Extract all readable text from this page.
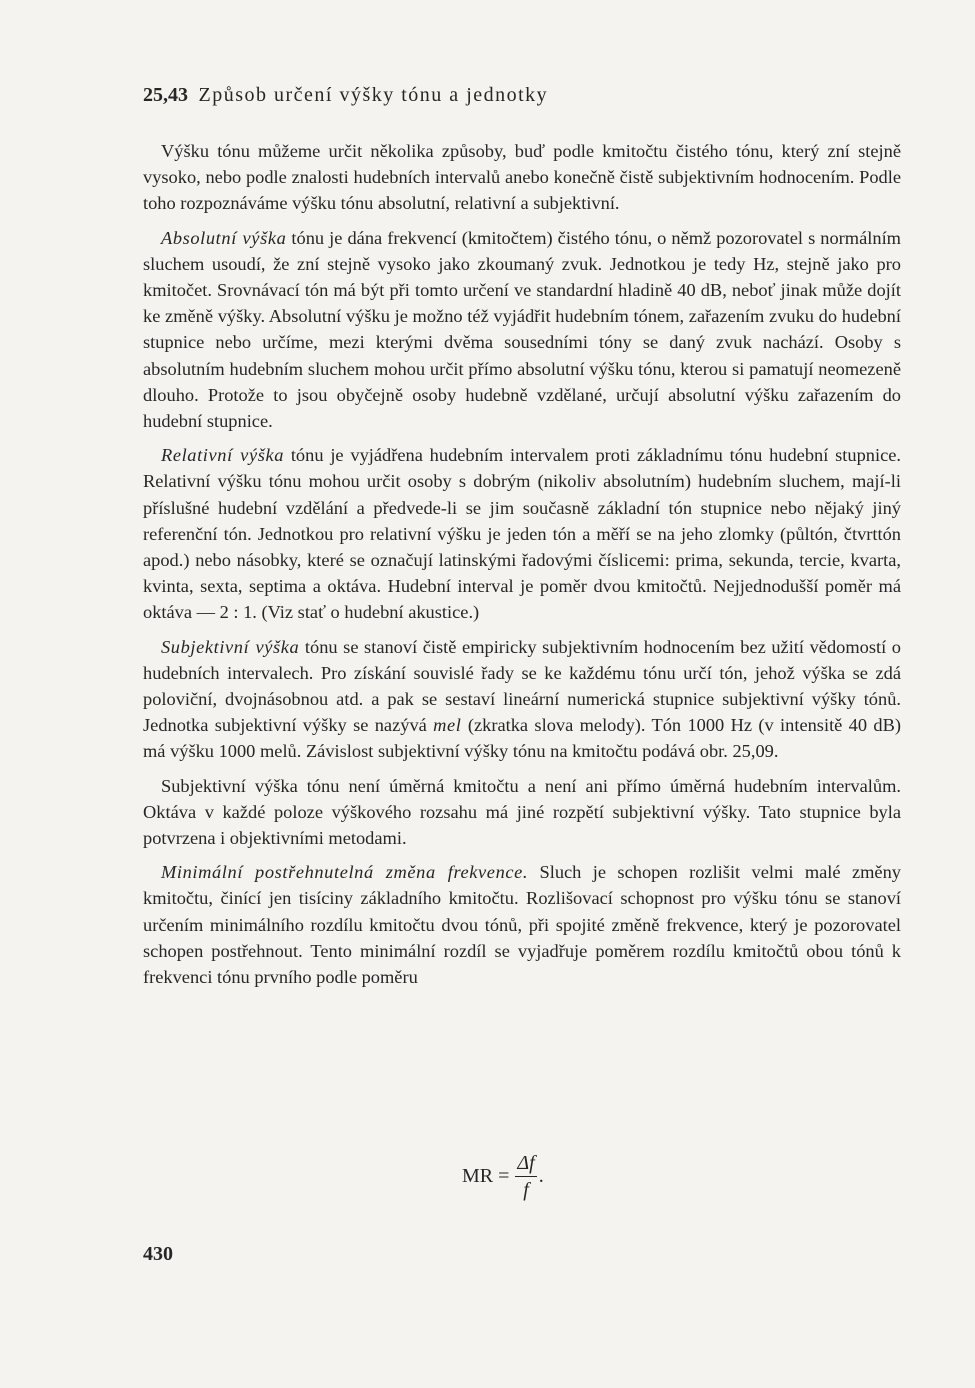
25,43 Způsob určení výšky tónu a jednotky

Výšku tónu můžeme určit několika způsoby, buď podle kmitočtu čistého tónu, který zní stejně vysoko, nebo podle znalosti hudebních intervalů anebo konečně čistě subjektivním hodnocením. Podle toho rozpoznáváme výšku tónu absolutní, relativní a subjektivní.

Absolutní výška tónu je dána frekvencí (kmitočtem) čistého tónu, o němž pozorovatel s normálním sluchem usoudí, že zní stejně vysoko jako zkoumaný zvuk. Jednotkou je tedy Hz, stejně jako pro kmitočet. Srovnávací tón má být při tomto určení ve standardní hladině 40 dB, neboť jinak může dojít ke změně výšky. Absolutní výšku je možno též vyjádřit hudebním tónem, zařazením zvuku do hudební stupnice nebo určíme, mezi kterými dvěma sousedními tóny se daný zvuk nachází. Osoby s absolutním hudebním sluchem mohou určit přímo absolutní výšku tónu, kterou si pamatují neomezeně dlouho. Protože to jsou obyčejně osoby hudebně vzdělané, určují absolutní výšku zařazením do hudební stupnice.

Relativní výška tónu je vyjádřena hudebním intervalem proti základnímu tónu hudební stupnice. Relativní výšku tónu mohou určit osoby s dobrým (nikoliv absolutním) hudebním sluchem, mají-li příslušné hudební vzdělání a předvede-li se jim současně základní tón stupnice nebo nějaký jiný referenční tón. Jednotkou pro relativní výšku je jeden tón a měří se na jeho zlomky (půltón, čtvrttón apod.) nebo násobky, které se označují latinskými řadovými číslicemi: prima, sekunda, tercie, kvarta, kvinta, sexta, septima a oktáva. Hudební interval je poměr dvou kmitočtů. Nejjednodušší poměr má oktáva — 2 : 1. (Viz stať o hudební akustice.)

Subjektivní výška tónu se stanoví čistě empiricky subjektivním hodnocením bez užití vědomostí o hudebních intervalech. Pro získání souvislé řady se ke každému tónu určí tón, jehož výška se zdá poloviční, dvojnásobnou atd. a pak se sestaví lineární numerická stupnice subjektivní výšky tónů. Jednotka subjektivní výšky se nazývá mel (zkratka slova melody). Tón 1000 Hz (v intensitě 40 dB) má výšku 1000 melů. Závislost subjektivní výšky tónu na kmitočtu podává obr. 25,09.

Subjektivní výška tónu není úměrná kmitočtu a není ani přímo úměrná hudebním intervalům. Oktáva v každé poloze výškového rozsahu má jiné rozpětí subjektivní výšky. Tato stupnice byla potvrzena i objektivními metodami.

Minimální postřehnutelná změna frekvence. Sluch je schopen rozlišit velmi malé změny kmitočtu, činící jen tisíciny základního kmitočtu. Rozlišovací schopnost pro výšku tónu se stanoví určením minimálního rozdílu kmitočtu dvou tónů, při spojité změně frekvence, který je pozorovatel schopen postřehnout. Tento minimální rozdíl se vyjadřuje poměrem rozdílu kmitočtů obou tónů k frekvenci tónu prvního podle poměru

MR = $\frac{\Delta f}{f}$ .
430
